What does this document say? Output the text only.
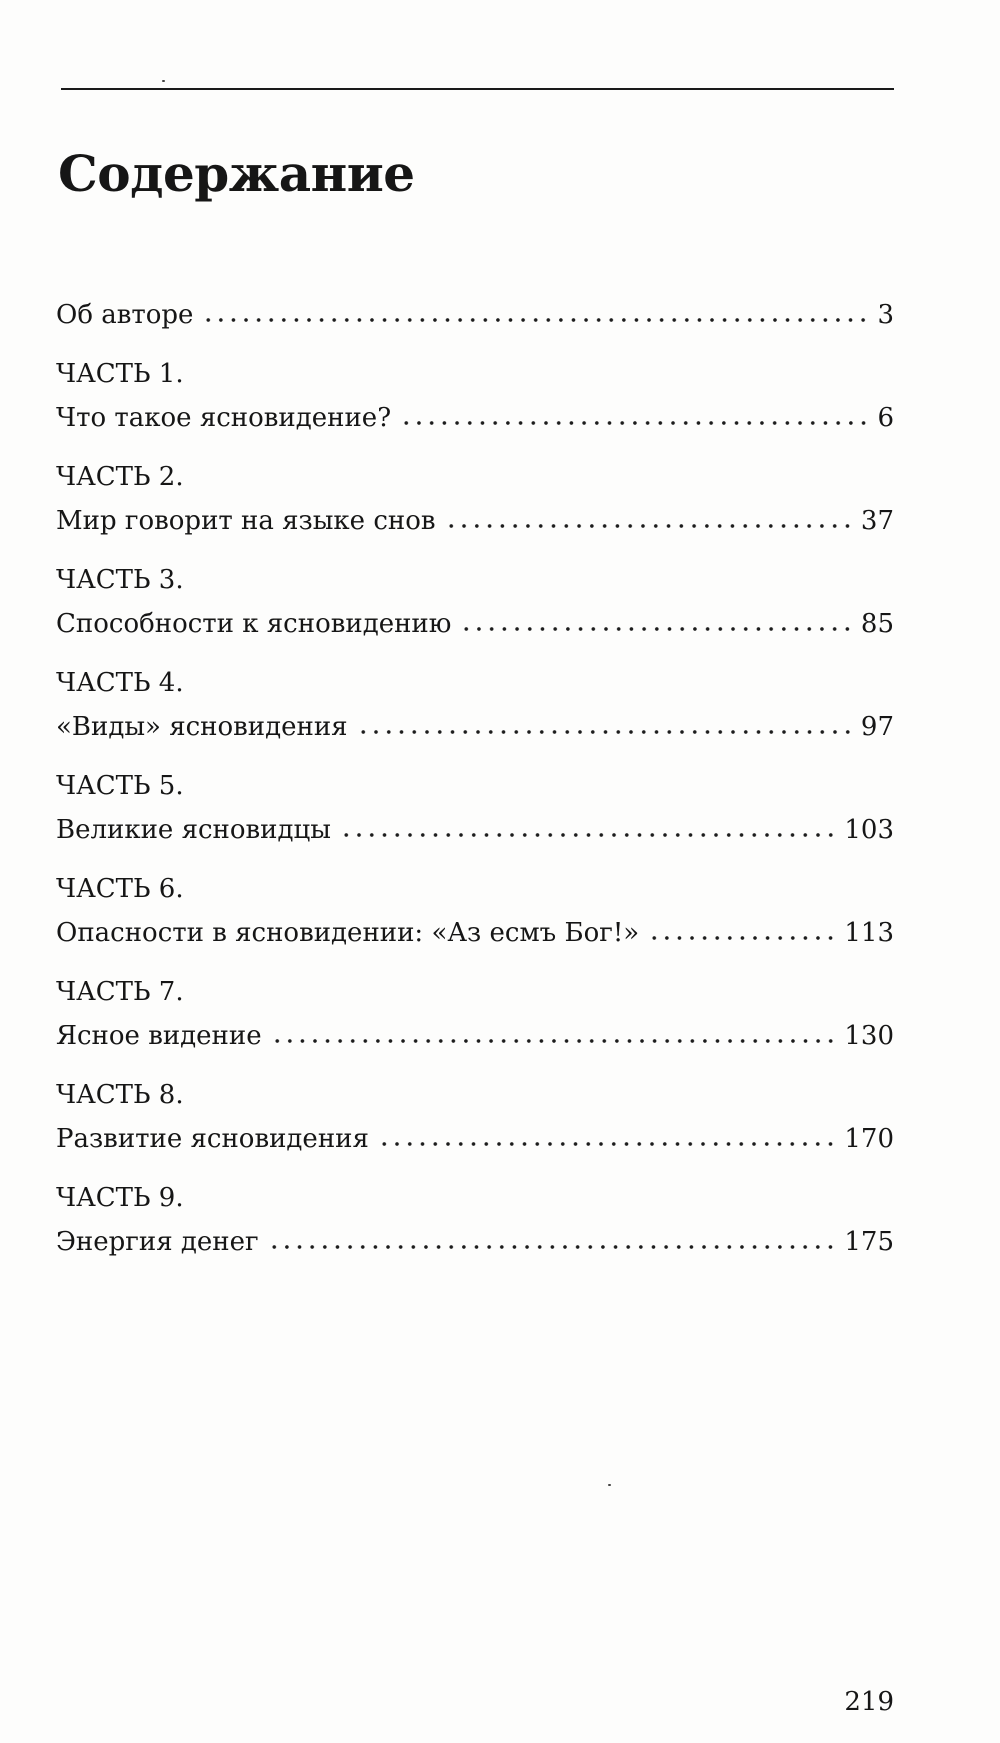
Содержание
Об авторе	3
ЧАСТЬ 1.
Что такое ясновидение?	6
ЧАСТЬ 2.
Мир говорит на языке снов	37
ЧАСТЬ 3.
Способности к ясновидению	85
ЧАСТЬ 4.
«Виды» ясновидения	97
ЧАСТЬ 5.
Великие ясновидцы	103
ЧАСТЬ 6.
Опасности в ясновидении: «Аз есмъ Бог!»	113
ЧАСТЬ 7.
Ясное видение	130
ЧАСТЬ 8.
Развитие ясновидения	170
ЧАСТЬ 9.
Энергия денег	175
219
